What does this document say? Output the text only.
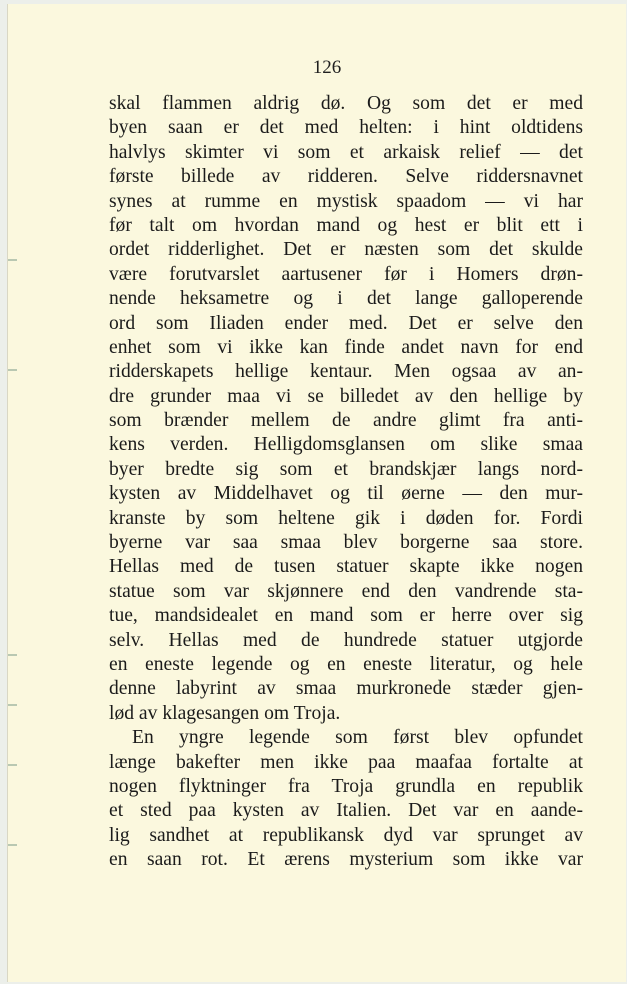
126
skal flammen aldrig dø. Og som det er med
byen saan er det med helten: i hint oldtidens
halvlys skimter vi som et arkaisk relief — det
første billede av ridderen. Selve riddersnavnet
synes at rumme en mystisk spaadom — vi har
før talt om hvordan mand og hest er blit ett i
ordet ridderlighet. Det er næsten som det skulde
være forutvarslet aartusener før i Homers drøn-
nende heksametre og i det lange galloperende
ord som Iliaden ender med. Det er selve den
enhet som vi ikke kan finde andet navn for end
ridderskapets hellige kentaur. Men ogsaa av an-
dre grunder maa vi se billedet av den hellige by
som brænder mellem de andre glimt fra anti-
kens verden. Helligdomsglansen om slike smaa
byer bredte sig som et brandskjær langs nord-
kysten av Middelhavet og til øerne — den mur-
kranste by som heltene gik i døden for. Fordi
byerne var saa smaa blev borgerne saa store.
Hellas med de tusen statuer skapte ikke nogen
statue som var skjønnere end den vandrende sta-
tue, mandsidealet en mand som er herre over sig
selv. Hellas med de hundrede statuer utgjorde
en eneste legende og en eneste literatur, og hele
denne labyrint av smaa murkronede stæder gjen-
lød av klagesangen om Troja.
En yngre legende som først blev opfundet
længe bakefter men ikke paa maafaa fortalte at
nogen flyktninger fra Troja grundla en republik
et sted paa kysten av Italien. Det var en aande-
lig sandhet at republikansk dyd var sprunget av
en saan rot. Et ærens mysterium som ikke var
